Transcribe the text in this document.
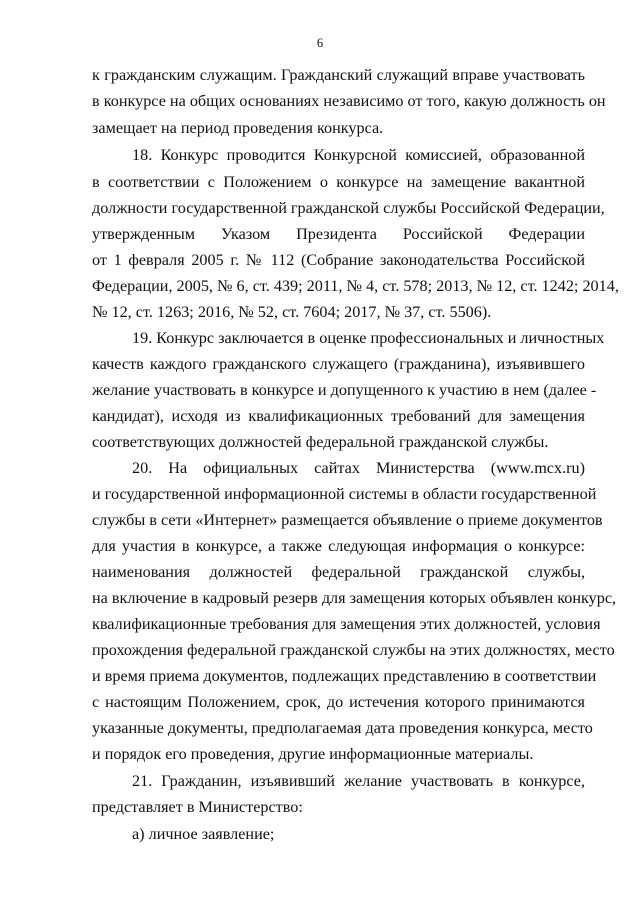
6
к гражданским служащим. Гражданский служащий вправе участвовать
в конкурсе на общих основаниях независимо от того, какую должность он
замещает на период проведения конкурса.
18. Конкурс проводится Конкурсной комиссией, образованной
в соответствии с Положением о конкурсе на замещение вакантной
должности государственной гражданской службы Российской Федерации,
утвержденным Указом Президента Российской Федерации
от 1 февраля 2005 г. № 112 (Собрание законодательства Российской
Федерации, 2005, № 6, ст. 439; 2011, № 4, ст. 578; 2013, № 12, ст. 1242; 2014,
№ 12, ст. 1263; 2016, № 52, ст. 7604; 2017, № 37, ст. 5506).
19. Конкурс заключается в оценке профессиональных и личностных
качеств каждого гражданского служащего (гражданина), изъявившего
желание участвовать в конкурсе и допущенного к участию в нем (далее -
кандидат), исходя из квалификационных требований для замещения
соответствующих должностей федеральной гражданской службы.
20. На официальных сайтах Министерства (www.mcx.ru)
и государственной информационной системы в области государственной
службы в сети «Интернет» размещается объявление о приеме документов
для участия в конкурсе, а также следующая информация о конкурсе:
наименования должностей федеральной гражданской службы,
на включение в кадровый резерв для замещения которых объявлен конкурс,
квалификационные требования для замещения этих должностей, условия
прохождения федеральной гражданской службы на этих должностях, место
и время приема документов, подлежащих представлению в соответствии
с настоящим Положением, срок, до истечения которого принимаются
указанные документы, предполагаемая дата проведения конкурса, место
и порядок его проведения, другие информационные материалы.
21. Гражданин, изъявивший желание участвовать в конкурсе,
представляет в Министерство:
а) личное заявление;
